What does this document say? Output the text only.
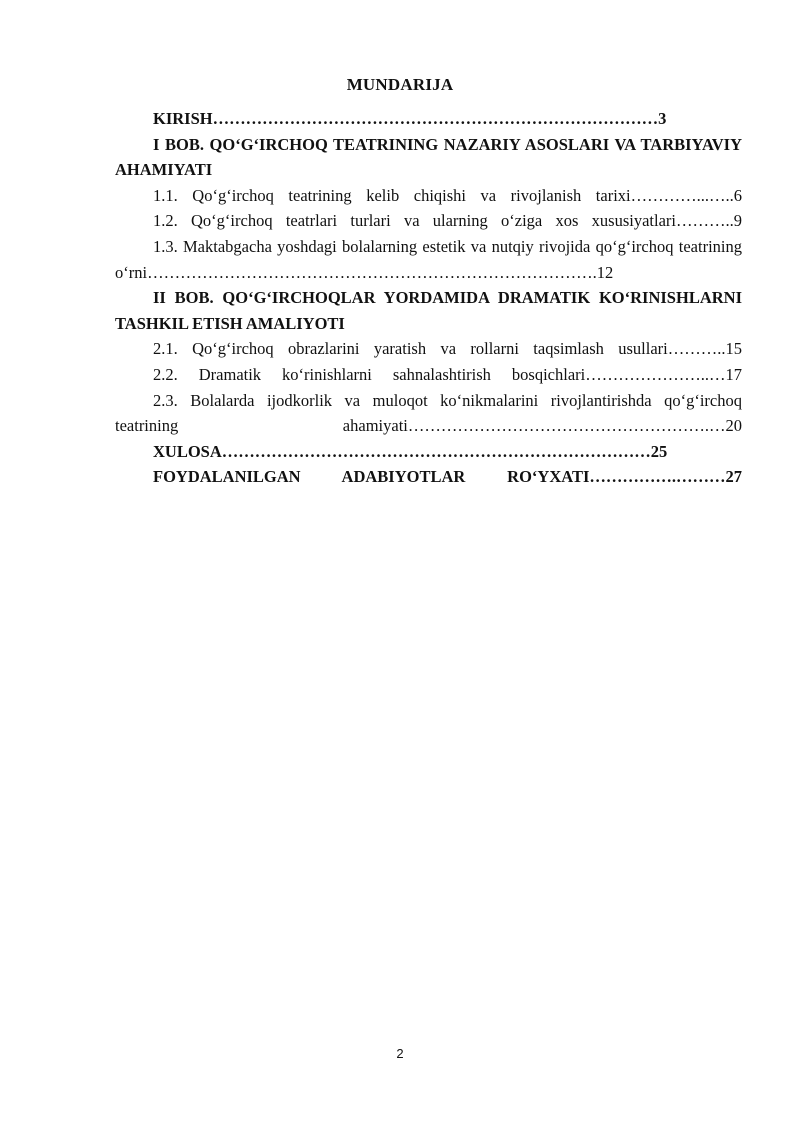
MUNDARIJA

KIRISH………………………………………………………………………3

I BOB. QO‘G‘IRCHOQ TEATRINING NAZARIY ASOSLARI VA TARBIYAVIY AHAMIYATI

1.1. Qo‘g‘irchoq teatrining kelib chiqishi va rivojlanish tarixi…………...…..6

1.2. Qo‘g‘irchoq teatrlari turlari va ularning o‘ziga xos xususiyatlari………..9

1.3. Maktabgacha yoshdagi bolalarning estetik va nutqiy rivojida qo‘g‘irchoq teatrining o‘rni……………………………………………………………………….12

II BOB. QO‘G‘IRCHOQLAR YORDAMIDA DRAMATIK KO‘RINISHLARNI TASHKIL ETISH AMALIYOTI

2.1. Qo‘g‘irchoq obrazlarini yaratish va rollarni taqsimlash usullari………..15

2.2. Dramatik ko‘rinishlarni sahnalashtirish bosqichlari…………………..…17

2.3. Bolalarda ijodkorlik va muloqot ko‘nikmalarini rivojlantirishda qo‘g‘irchoq teatrining ahamiyati……………………………………………….…20

XULOSA……………………………………………………………………25

FOYDALANILGAN ADABIYOTLAR RO‘YXATI…………….………27

2
